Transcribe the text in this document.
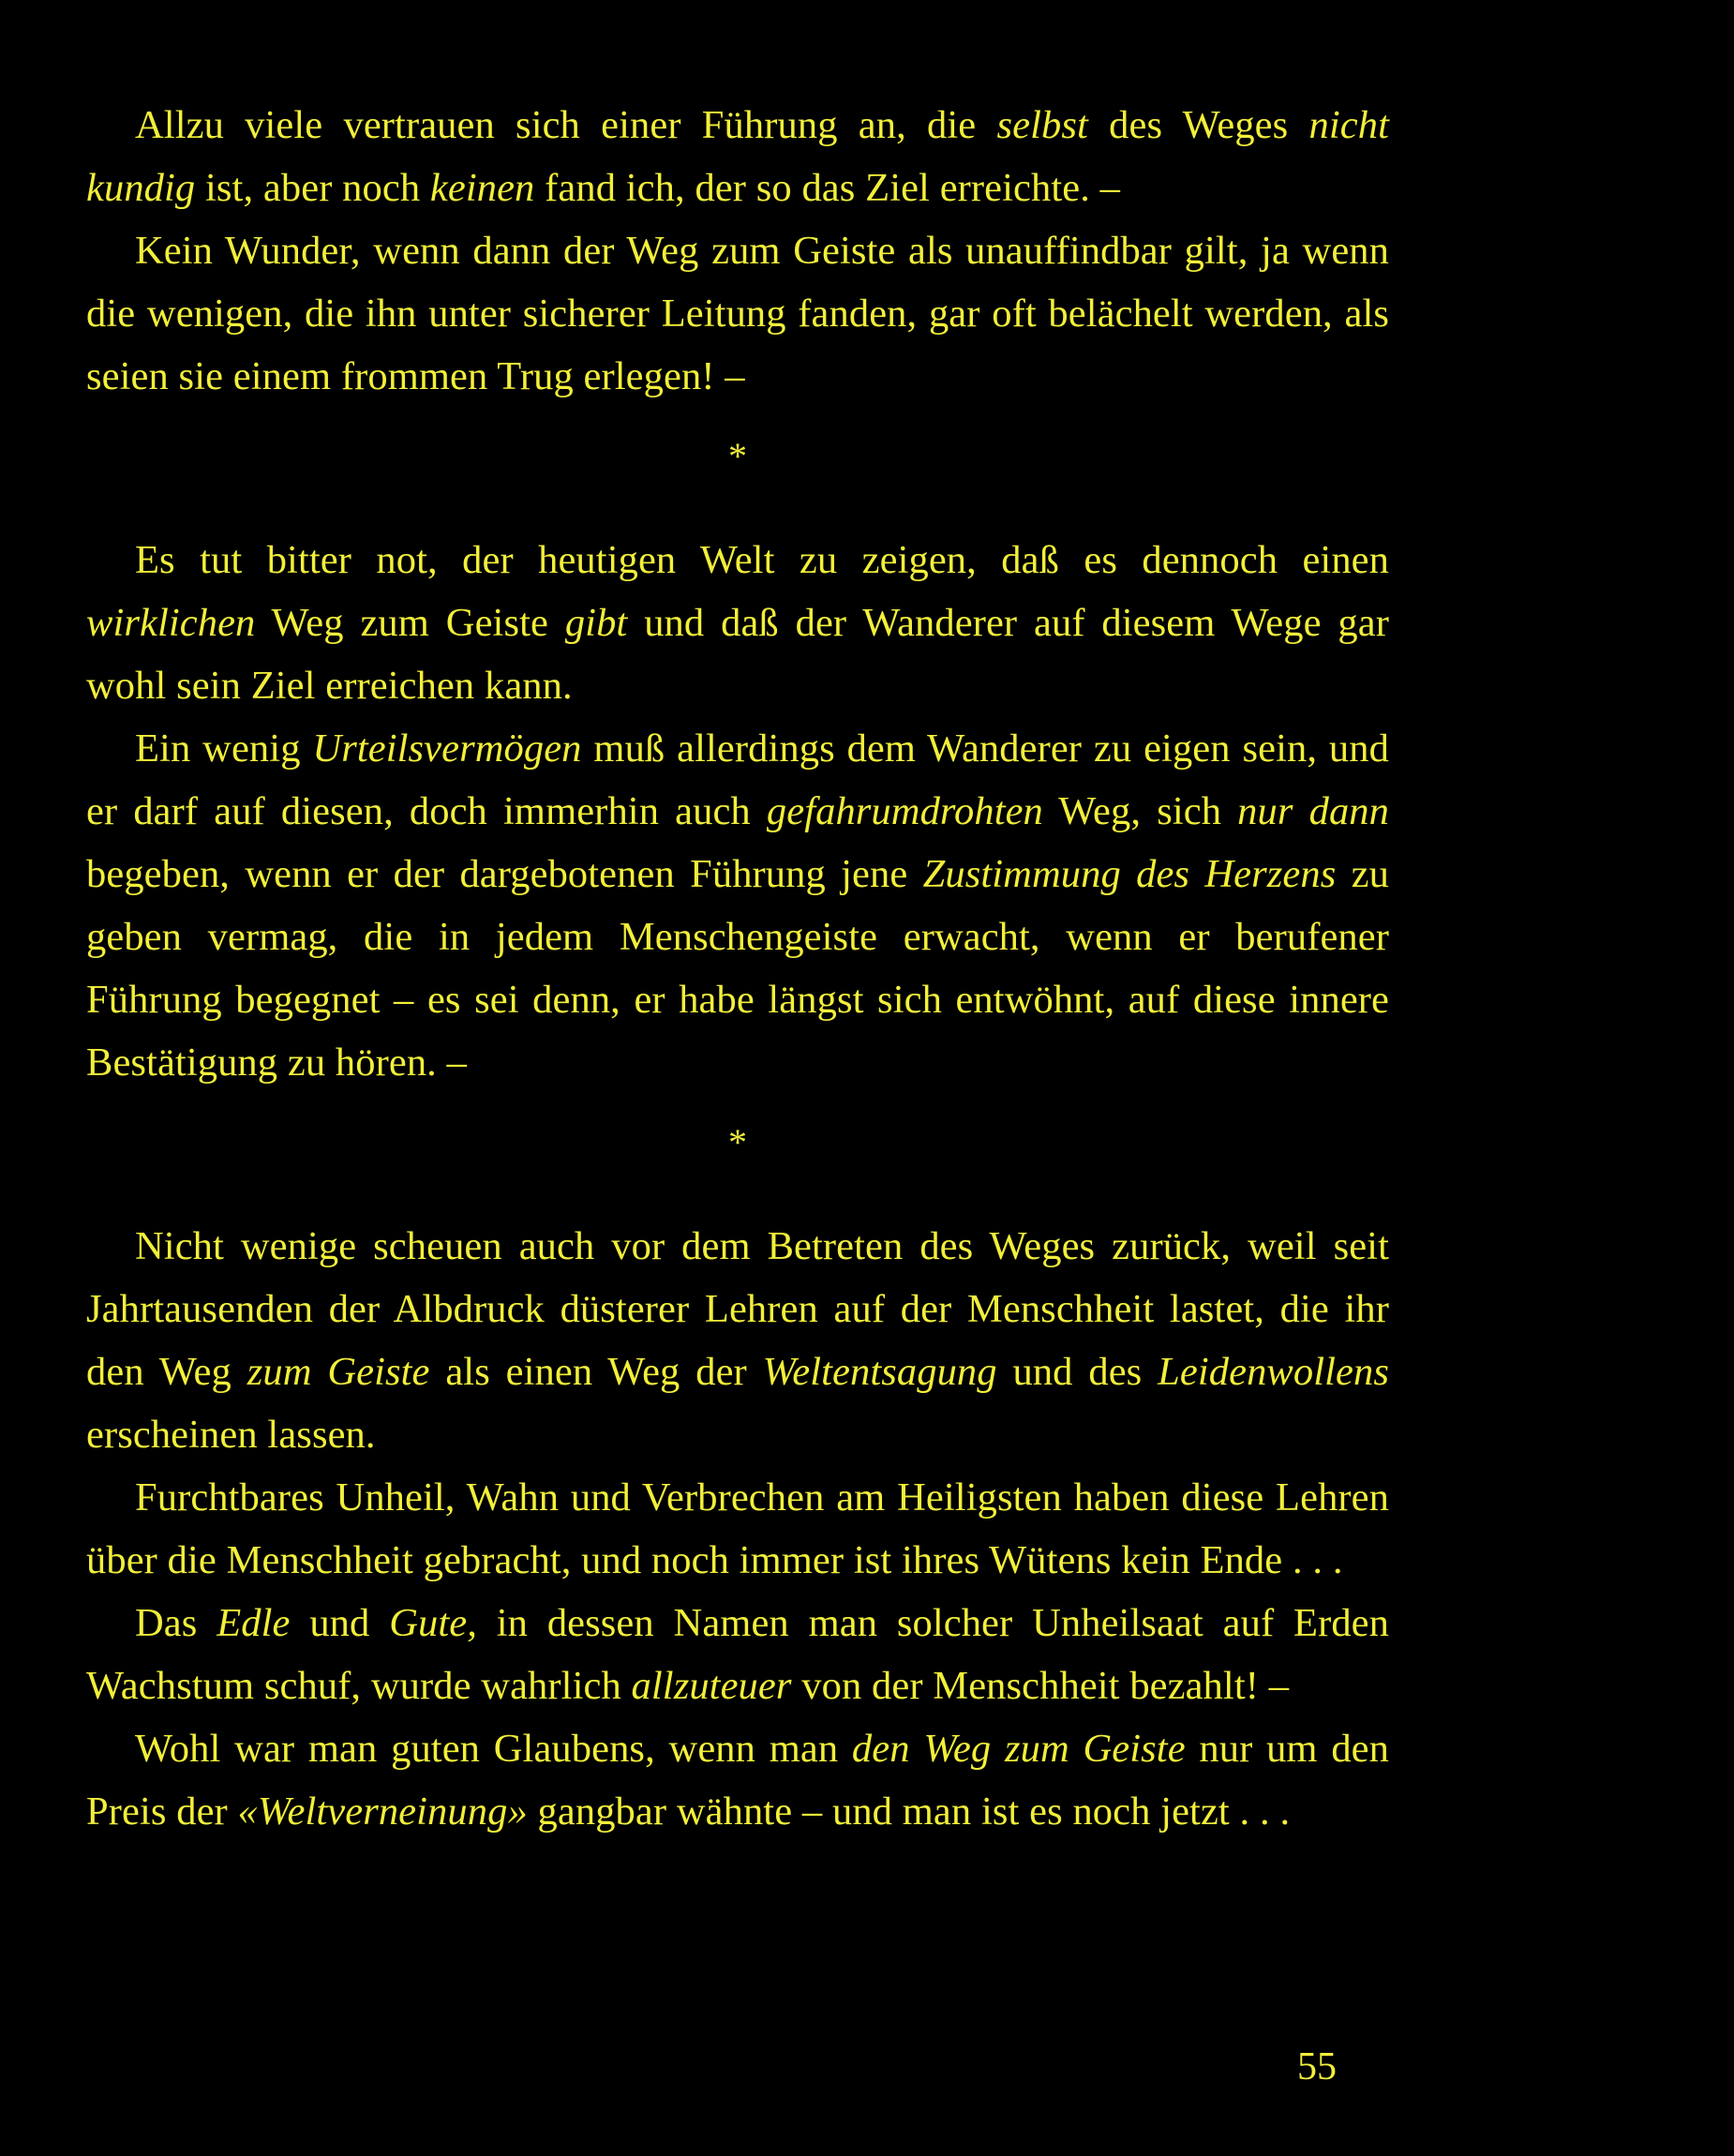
Allzu viele vertrauen sich einer Führung an, die selbst des Weges nicht kundig ist, aber noch keinen fand ich, der so das Ziel erreichte. –

Kein Wunder, wenn dann der Weg zum Geiste als unauffindbar gilt, ja wenn die wenigen, die ihn unter sicherer Leitung fanden, gar oft belächelt werden, als seien sie einem frommen Trug erlegen! –

*

Es tut bitter not, der heutigen Welt zu zeigen, daß es dennoch einen wirklichen Weg zum Geiste gibt und daß der Wanderer auf diesem Wege gar wohl sein Ziel erreichen kann.

Ein wenig Urteilsvermögen muß allerdings dem Wanderer zu eigen sein, und er darf auf diesen, doch immerhin auch gefahrumdrohten Weg, sich nur dann begeben, wenn er der dargebotenen Führung jene Zustimmung des Herzens zu geben vermag, die in jedem Menschengeiste erwacht, wenn er berufener Führung begegnet – es sei denn, er habe längst sich entwöhnt, auf diese innere Bestätigung zu hören. –

*

Nicht wenige scheuen auch vor dem Betreten des Weges zurück, weil seit Jahrtausenden der Albdruck düsterer Lehren auf der Menschheit lastet, die ihr den Weg zum Geiste als einen Weg der Weltentsagung und des Leidenwollens erscheinen lassen.

Furchtbares Unheil, Wahn und Verbrechen am Heiligsten haben diese Lehren über die Menschheit gebracht, und noch immer ist ihres Wütens kein Ende . . .

Das Edle und Gute, in dessen Namen man solcher Unheilsaat auf Erden Wachstum schuf, wurde wahrlich allzuteuer von der Menschheit bezahlt! –

Wohl war man guten Glaubens, wenn man den Weg zum Geiste nur um den Preis der «Weltverneinung» gangbar wähnte – und man ist es noch jetzt . . .

55
